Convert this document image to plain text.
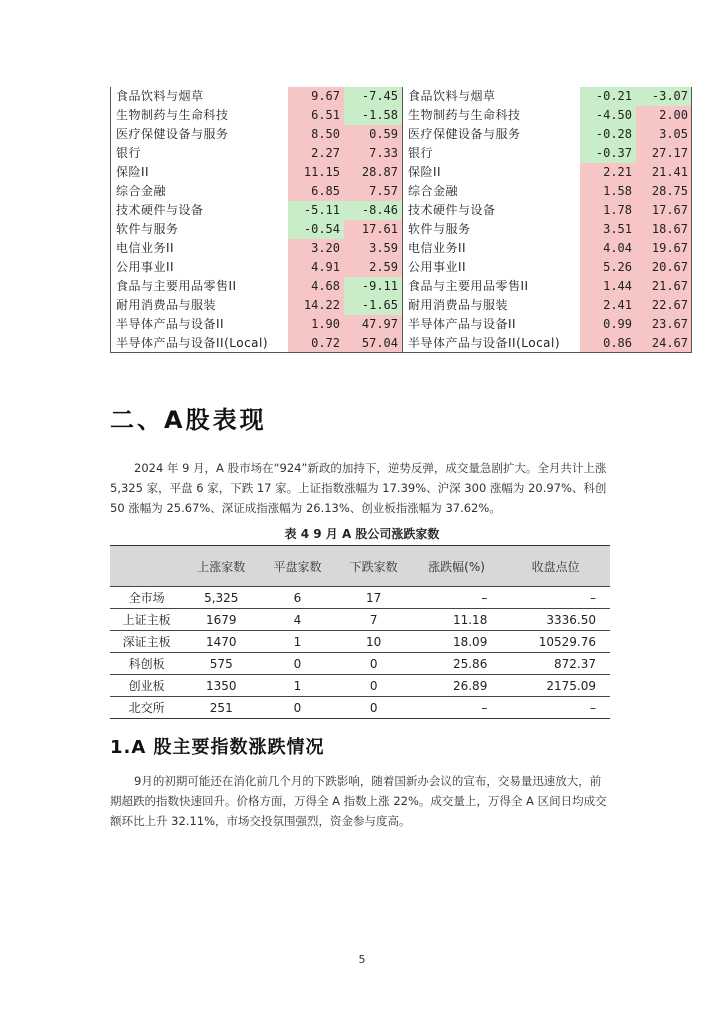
食品饮料与烟草	9.67	-7.45	食品饮料与烟草	-0.21	-3.07
生物制药与生命科技	6.51	-1.58	生物制药与生命科技	-4.50	2.00
医疗保健设备与服务	8.50	0.59	医疗保健设备与服务	-0.28	3.05
银行	2.27	7.33	银行	-0.37	27.17
保险II	11.15	28.87	保险II	2.21	21.41
综合金融	6.85	7.57	综合金融	1.58	28.75
技术硬件与设备	-5.11	-8.46	技术硬件与设备	1.78	17.67
软件与服务	-0.54	17.61	软件与服务	3.51	18.67
电信业务II	3.20	3.59	电信业务II	4.04	19.67
公用事业II	4.91	2.59	公用事业II	5.26	20.67
食品与主要用品零售II	4.68	-9.11	食品与主要用品零售II	1.44	21.67
耐用消费品与服装	14.22	-1.65	耐用消费品与服装	2.41	22.67
半导体产品与设备II	1.90	47.97	半导体产品与设备II	0.99	23.67
半导体产品与设备II(Local)	0.72	57.04	半导体产品与设备II(Local)	0.86	24.67
二、A股表现
2024 年 9 月，A 股市场在“924”新政的加持下，逆势反弹，成交量急剧扩大。全月共计上涨 5,325 家，平盘 6 家，下跌 17 家。上证指数涨幅为 17.39%、沪深 300 涨幅为 20.97%、科创 50 涨幅为 25.67%、深证成指涨幅为 26.13%、创业板指涨幅为 37.62%。
表 4 9 月 A 股公司涨跌家数
	上涨家数	平盘家数	下跌家数	涨跌幅(%)	收盘点位
全市场	5,325	6	17	–	–
上证主板	1679	4	7	11.18	3336.50
深证主板	1470	1	10	18.09	10529.76
科创板	575	0	0	25.86	872.37
创业板	1350	1	0	26.89	2175.09
北交所	251	0	0	–	–
1.A 股主要指数涨跌情况
9月的初期可能还在消化前几个月的下跌影响，随着国新办会议的宣布，交易量迅速放大，前期超跌的指数快速回升。价格方面，万得全 A 指数上涨 22%。成交量上，万得全 A 区间日均成交额环比上升 32.11%，市场交投氛围强烈，资金参与度高。
5
